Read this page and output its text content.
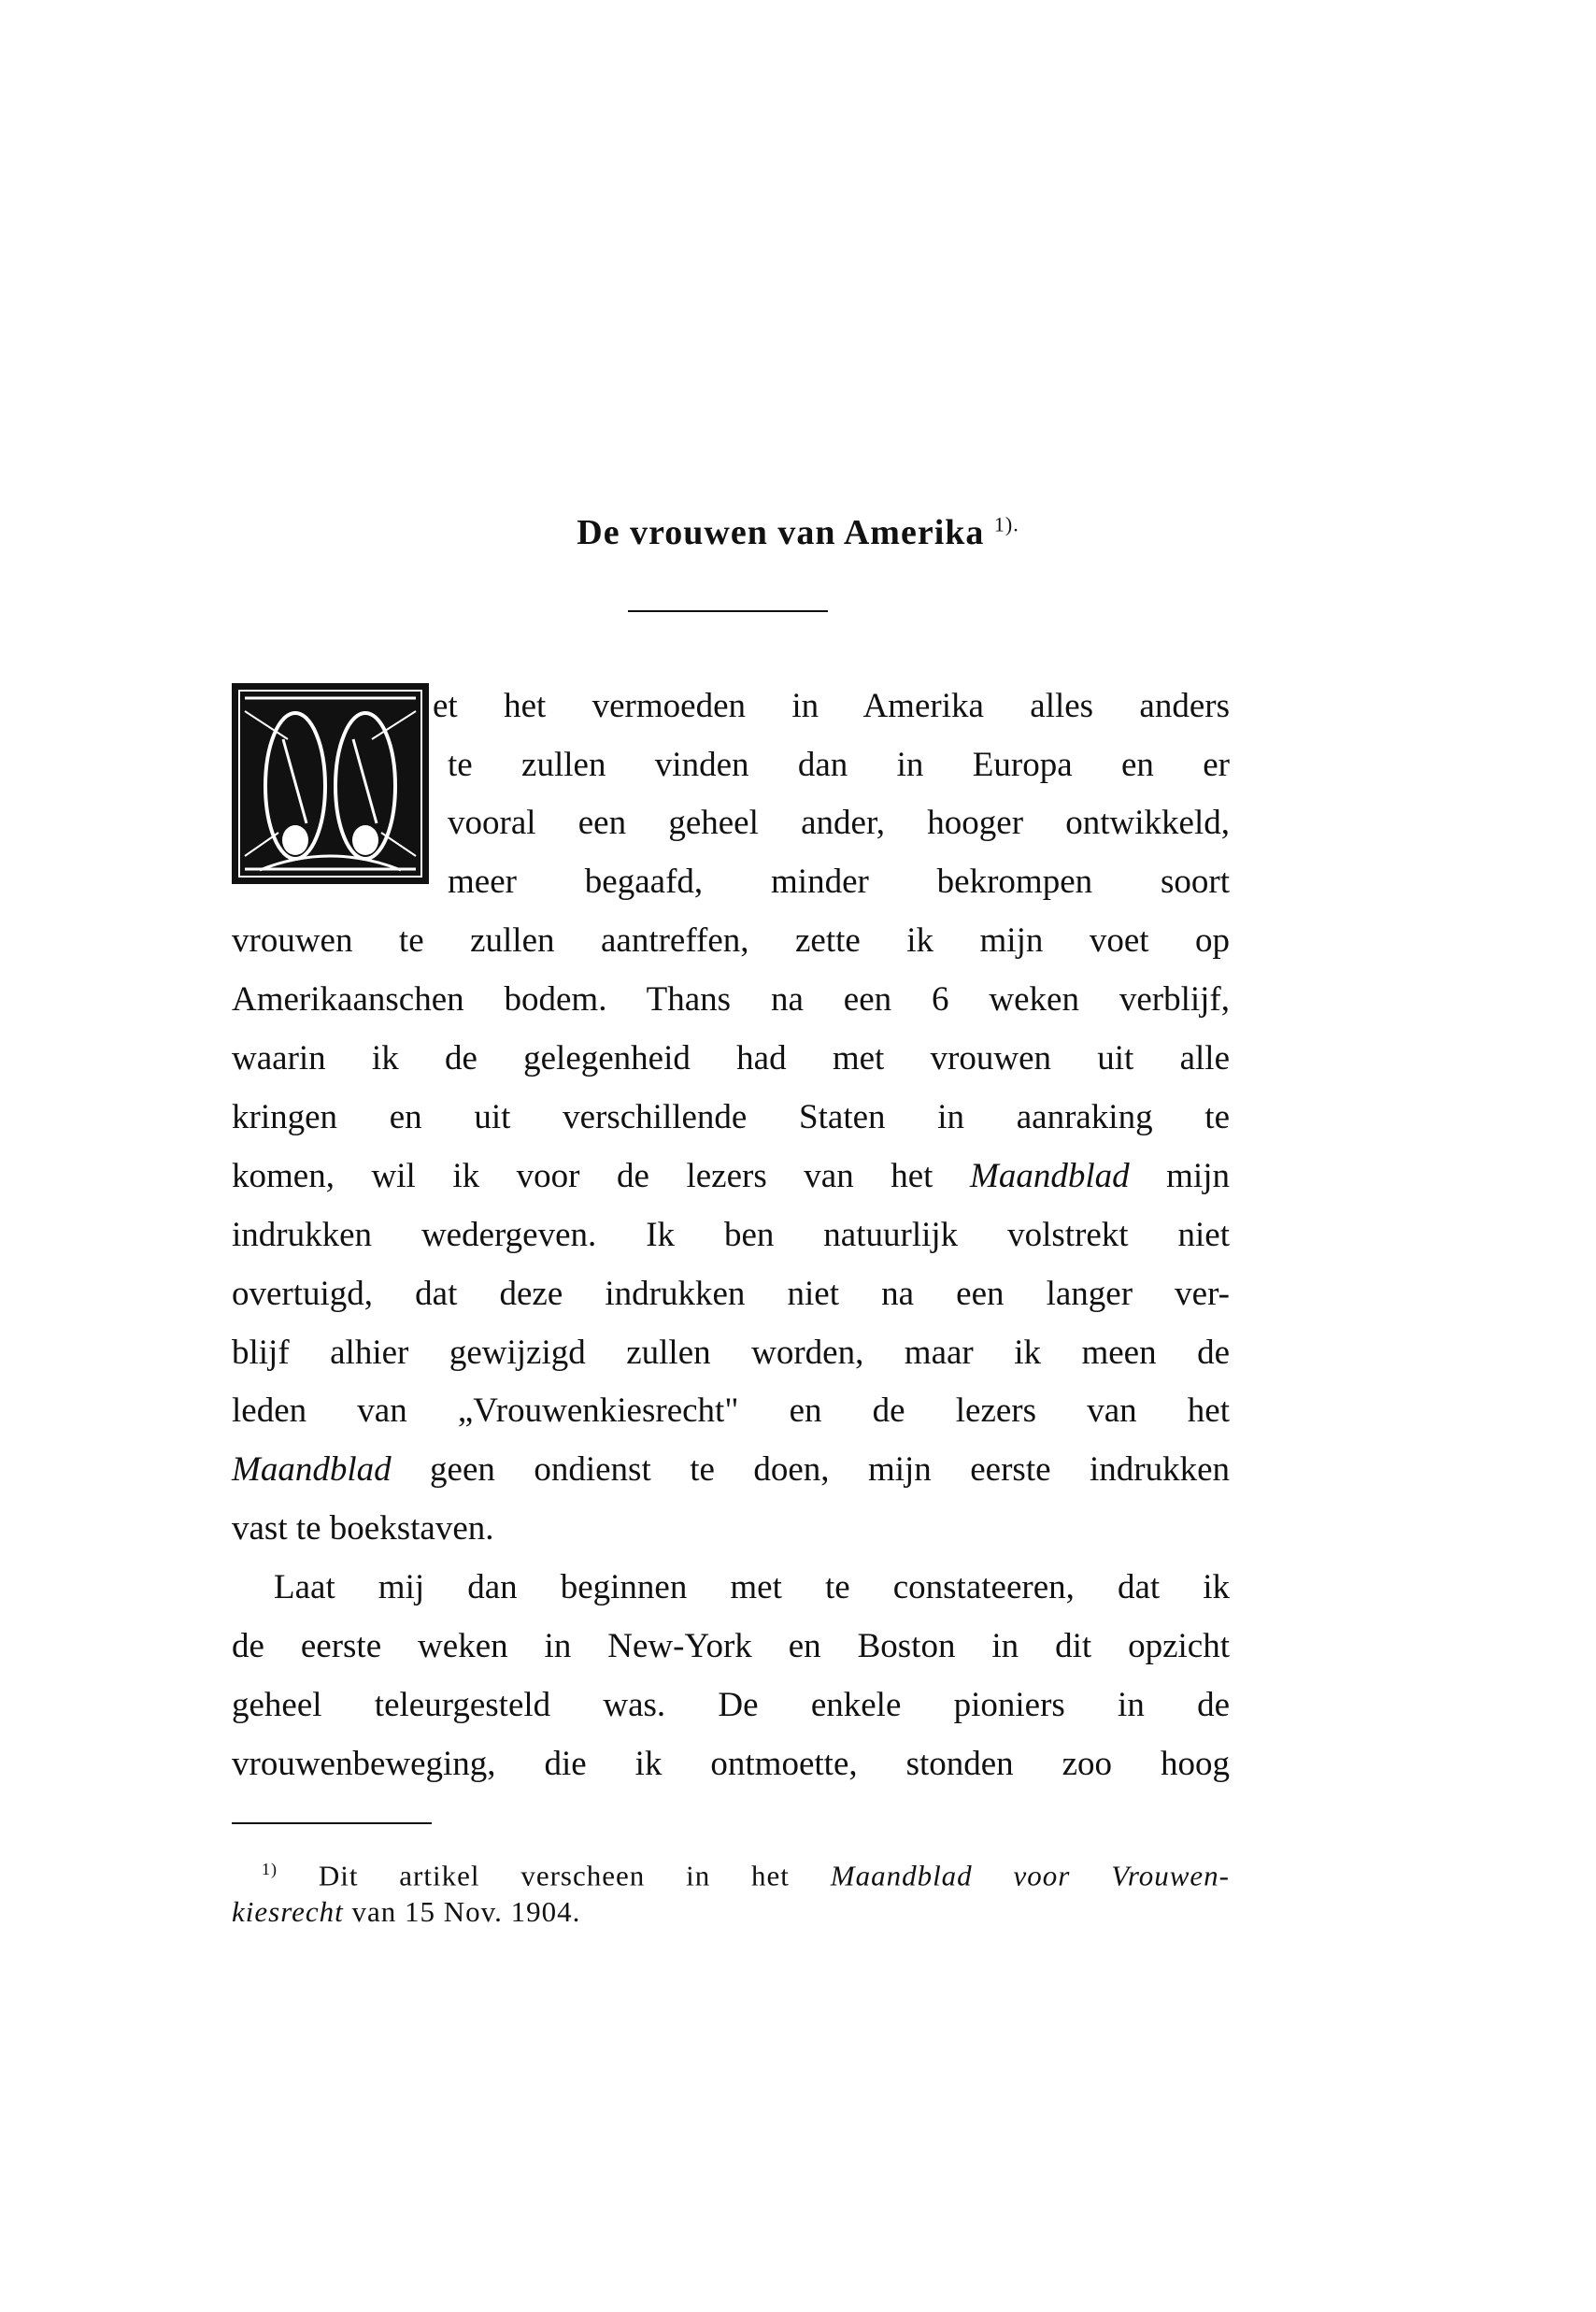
De vrouwen van Amerika $^{1).}$
et het vermoeden in Amerika alles anders
te zullen vinden dan in Europa en er
vooral een geheel ander, hooger ontwikkeld,
meer begaafd, minder bekrompen soort
vrouwen te zullen aantreffen, zette ik mijn voet op
Amerikaanschen bodem. Thans na een 6 weken verblijf,
waarin ik de gelegenheid had met vrouwen uit alle
kringen en uit verschillende Staten in aanraking te
komen, wil ik voor de lezers van het Maandblad mijn
indrukken wedergeven. Ik ben natuurlijk volstrekt niet
overtuigd, dat deze indrukken niet na een langer ver-
blijf alhier gewijzigd zullen worden, maar ik meen de
leden van „Vrouwenkiesrecht" en de lezers van het
Maandblad geen ondienst te doen, mijn eerste indrukken
vast te boekstaven.
Laat mij dan beginnen met te constateeren, dat ik
de eerste weken in New-York en Boston in dit opzicht
geheel teleurgesteld was. De enkele pioniers in de
vrouwenbeweging, die ik ontmoette, stonden zoo hoog
$^{1)}$ Dit artikel verscheen in het Maandblad voor Vrouwen-
kiesrecht van 15 Nov. 1904.
